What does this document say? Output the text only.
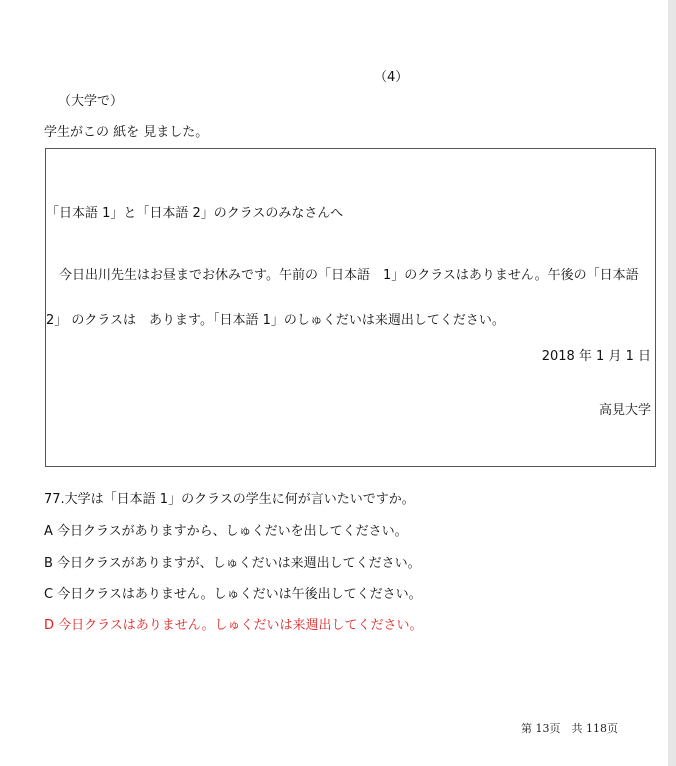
（4）
（大学で）
学生がこの 紙を 見ました。
「日本語 1」と「日本語 2」のクラスのみなさんへ
今日出川先生はお昼までお休みです。午前の「日本語　1」のクラスはありません。午後の「日本語 2」 のクラスは　あります。「日本語 1」のしゅくだいは来週出してください。
2018 年 1 月 1 日
高見大学
77.大学は「日本語 1」のクラスの学生に何が言いたいですか。
A 今日クラスがありますから、しゅくだいを出してください。
B 今日クラスがありますが、しゅくだいは来週出してください。
C 今日クラスはありません。しゅくだいは午後出してください。
D 今日クラスはありません。しゅくだいは来週出してください。
第 13页　共 118页
